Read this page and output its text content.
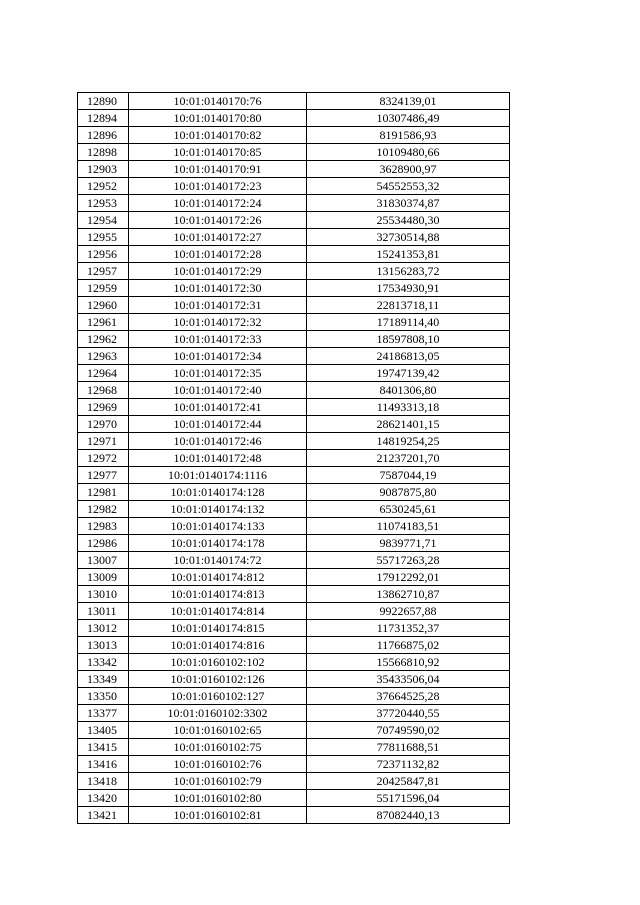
12890	10:01:0140170:76	8324139,01
12894	10:01:0140170:80	10307486,49
12896	10:01:0140170:82	8191586,93
12898	10:01:0140170:85	10109480,66
12903	10:01:0140170:91	3628900,97
12952	10:01:0140172:23	54552553,32
12953	10:01:0140172:24	31830374,87
12954	10:01:0140172:26	25534480,30
12955	10:01:0140172:27	32730514,88
12956	10:01:0140172:28	15241353,81
12957	10:01:0140172:29	13156283,72
12959	10:01:0140172:30	17534930,91
12960	10:01:0140172:31	22813718,11
12961	10:01:0140172:32	17189114,40
12962	10:01:0140172:33	18597808,10
12963	10:01:0140172:34	24186813,05
12964	10:01:0140172:35	19747139,42
12968	10:01:0140172:40	8401306,80
12969	10:01:0140172:41	11493313,18
12970	10:01:0140172:44	28621401,15
12971	10:01:0140172:46	14819254,25
12972	10:01:0140172:48	21237201,70
12977	10:01:0140174:1116	7587044,19
12981	10:01:0140174:128	9087875,80
12982	10:01:0140174:132	6530245,61
12983	10:01:0140174:133	11074183,51
12986	10:01:0140174:178	9839771,71
13007	10:01:0140174:72	55717263,28
13009	10:01:0140174:812	17912292,01
13010	10:01:0140174:813	13862710,87
13011	10:01:0140174:814	9922657,88
13012	10:01:0140174:815	11731352,37
13013	10:01:0140174:816	11766875,02
13342	10:01:0160102:102	15566810,92
13349	10:01:0160102:126	35433506,04
13350	10:01:0160102:127	37664525,28
13377	10:01:0160102:3302	37720440,55
13405	10:01:0160102:65	70749590,02
13415	10:01:0160102:75	77811688,51
13416	10:01:0160102:76	72371132,82
13418	10:01:0160102:79	20425847,81
13420	10:01:0160102:80	55171596,04
13421	10:01:0160102:81	87082440,13
